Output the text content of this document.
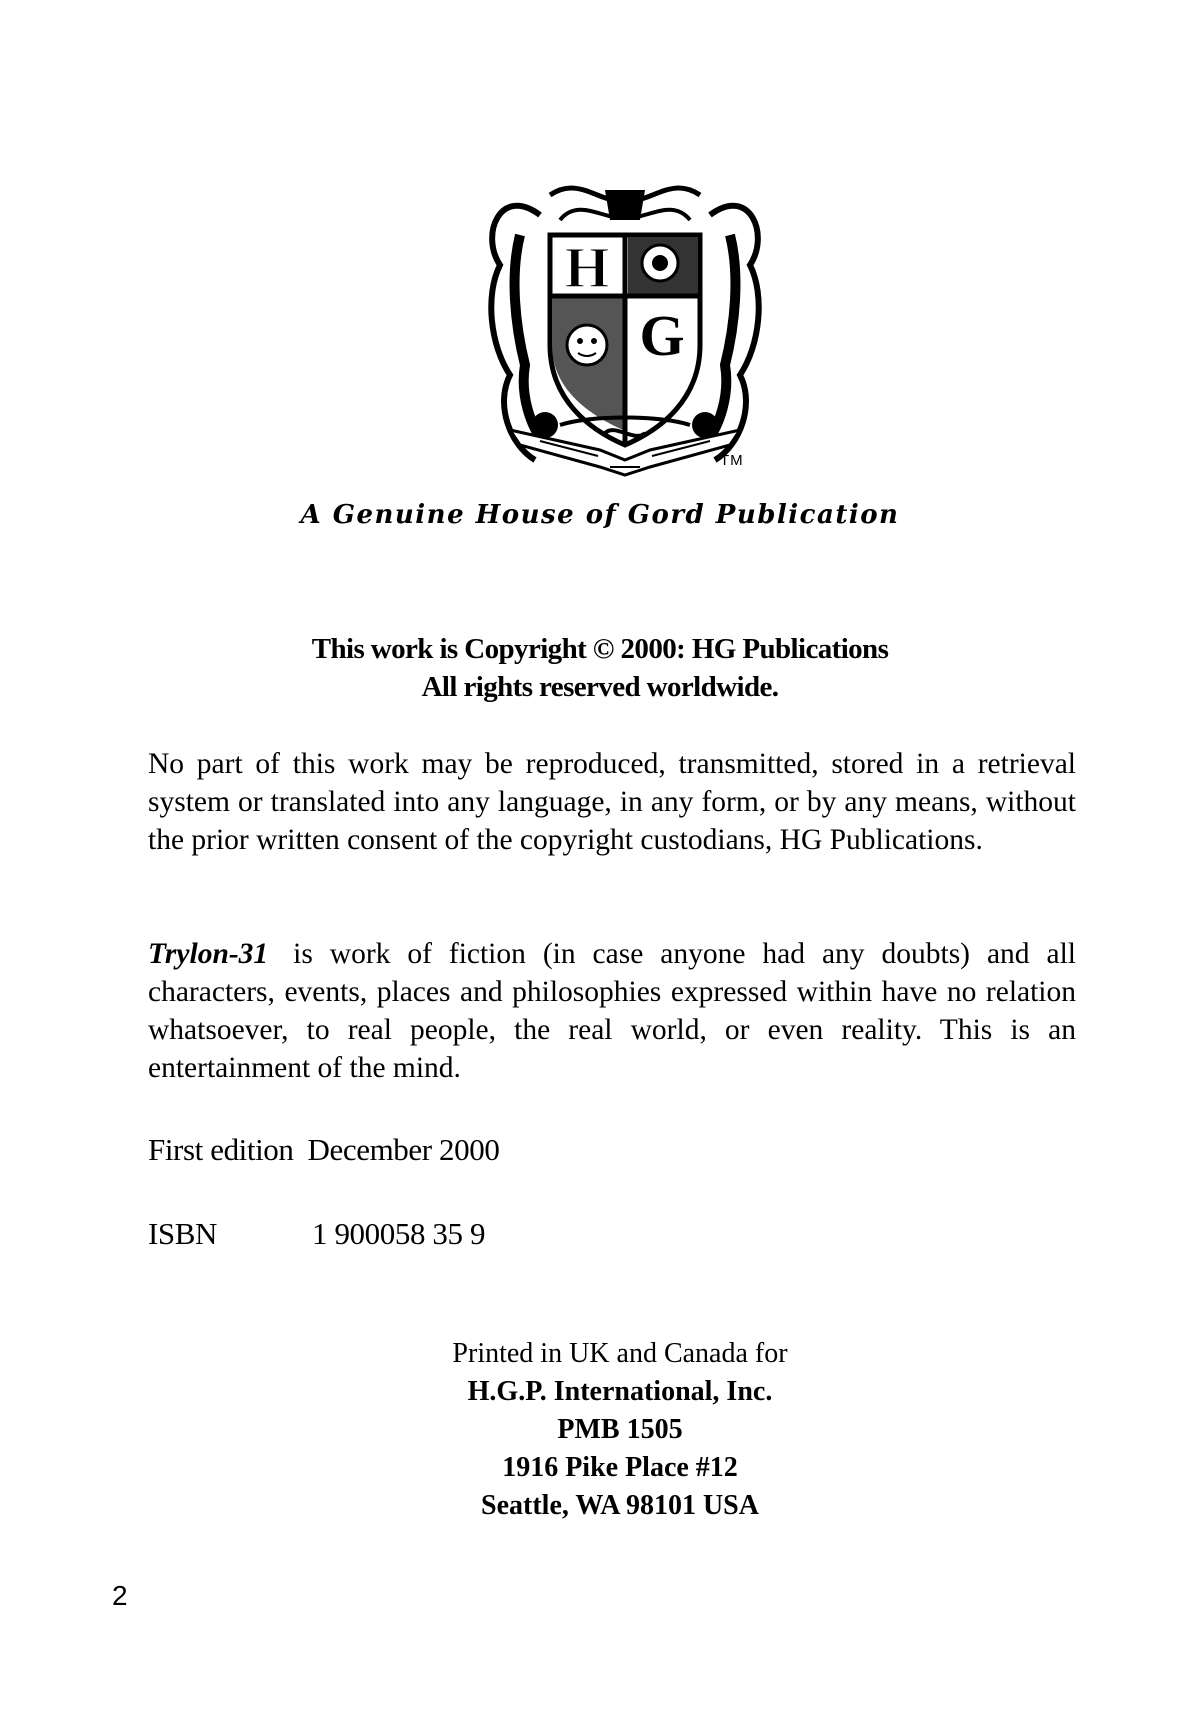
H
G
TM
A Genuine House of Gord Publication
This work is Copyright © 2000: HG Publications
All rights reserved worldwide.
No part of this work may be reproduced, transmitted, stored in a retrieval system or translated into any language, in any form, or by any means, without the prior written consent of the copyright custodians, HG Publications.
Trylon-31 is work of fiction (in case anyone had any doubts) and all characters, events, places and philosophies expressed within have no relation whatsoever, to real people, the real world, or even reality. This is an entertainment of the mind.
First edition December 2000
ISBN	1 900058 35 9
Printed in UK and Canada for
H.G.P. International, Inc.
PMB 1505
1916 Pike Place #12
Seattle, WA 98101 USA
2
